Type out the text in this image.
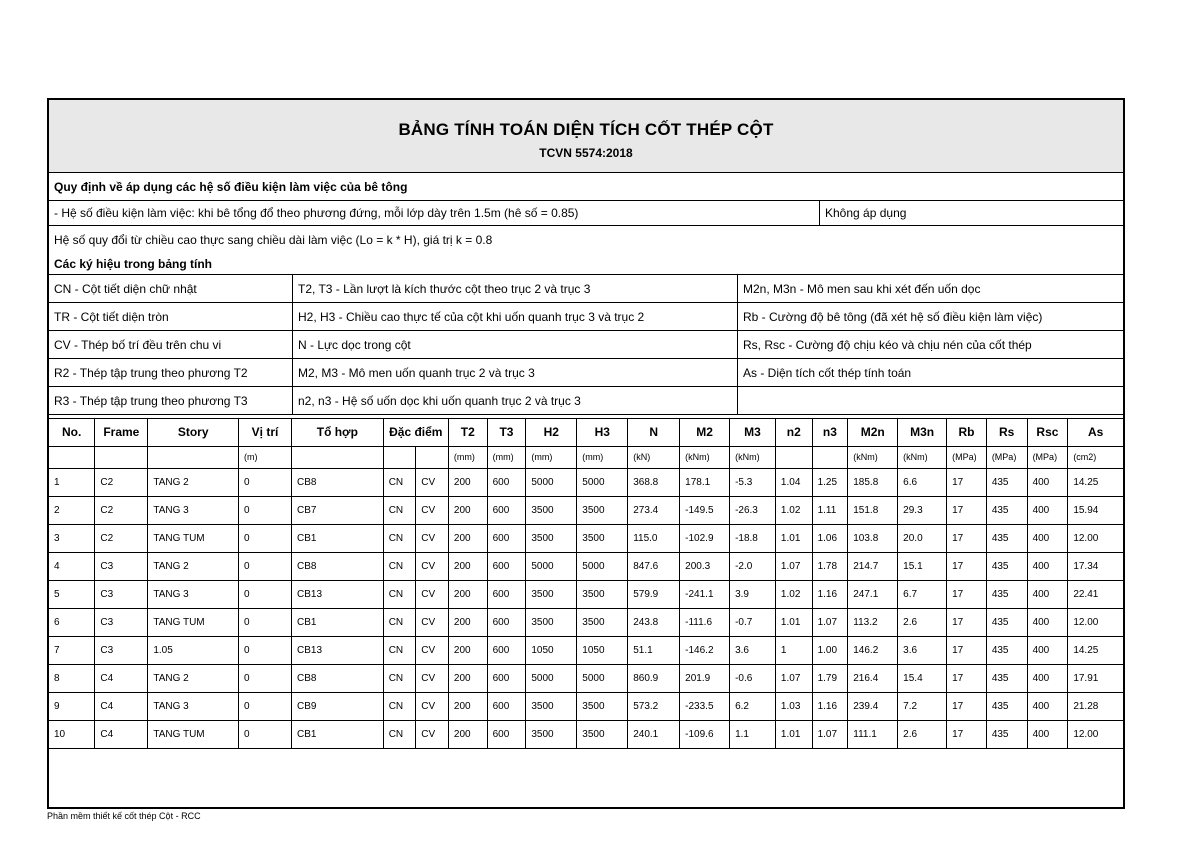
BẢNG TÍNH TOÁN DIỆN TÍCH CỐT THÉP CỘT
TCVN 5574:2018
Quy định về áp dụng các hệ số điều kiện làm việc của bê tông
- Hệ số điều kiện làm việc: khi bê tổng đổ theo phương đứng, mỗi lớp dày trên 1.5m (hê số = 0.85)	Không áp dụng
Hệ số quy đổi từ chiều cao thực sang chiều dài làm việc (Lo = k * H), giá trị k = 0.8
Các ký hiệu trong bảng tính
CN - Cột tiết diện chữ nhật	T2, T3 - Lần lượt là kích thước cột theo trục 2 và trục 3	M2n, M3n - Mô men sau khi xét đến uốn dọc
TR - Cột tiết diện tròn	H2, H3 - Chiều cao thực tế của cột khi uốn quanh trục 3 và trục 2	Rb - Cường độ bê tông (đã xét hệ số điều kiện làm việc)
CV - Thép bố trí đều trên chu vi	N - Lực dọc trong cột	Rs, Rsc - Cường độ chịu kéo và chịu nén của cốt thép
R2 - Thép tập trung theo phương T2	M2, M3 - Mô men uốn quanh trục 2 và trục 3	As - Diện tích cốt thép tính toán
R3 - Thép tập trung theo phương T3	n2, n3 - Hệ số uốn dọc khi uốn quanh trục 2 và trục 3
No.	Frame	Story	Vị trí	Tổ hợp	Đặc điểm		T2	T3	H2	H3	N	M2	M3	n2	n3	M2n	M3n	Rb	Rs	Rsc	As
			(m)				(mm)	(mm)	(mm)	(mm)	(kN)	(kNm)	(kNm)			(kNm)	(kNm)	(MPa)	(MPa)	(MPa)	(cm2)
1	C2	TANG 2	0	CB8	CN	CV	200	600	5000	5000	368.8	178.1	-5.3	1.04	1.25	185.8	6.6	17	435	400	14.25
2	C2	TANG 3	0	CB7	CN	CV	200	600	3500	3500	273.4	-149.5	-26.3	1.02	1.11	151.8	29.3	17	435	400	15.94
3	C2	TANG TUM	0	CB1	CN	CV	200	600	3500	3500	115.0	-102.9	-18.8	1.01	1.06	103.8	20.0	17	435	400	12.00
4	C3	TANG 2	0	CB8	CN	CV	200	600	5000	5000	847.6	200.3	-2.0	1.07	1.78	214.7	15.1	17	435	400	17.34
5	C3	TANG 3	0	CB13	CN	CV	200	600	3500	3500	579.9	-241.1	3.9	1.02	1.16	247.1	6.7	17	435	400	22.41
6	C3	TANG TUM	0	CB1	CN	CV	200	600	3500	3500	243.8	-111.6	-0.7	1.01	1.07	113.2	2.6	17	435	400	12.00
7	C3	1.05	0	CB13	CN	CV	200	600	1050	1050	51.1	-146.2	3.6	1	1.00	146.2	3.6	17	435	400	14.25
8	C4	TANG 2	0	CB8	CN	CV	200	600	5000	5000	860.9	201.9	-0.6	1.07	1.79	216.4	15.4	17	435	400	17.91
9	C4	TANG 3	0	CB9	CN	CV	200	600	3500	3500	573.2	-233.5	6.2	1.03	1.16	239.4	7.2	17	435	400	21.28
10	C4	TANG TUM	0	CB1	CN	CV	200	600	3500	3500	240.1	-109.6	1.1	1.01	1.07	111.1	2.6	17	435	400	12.00

Phần mềm thiết kế cốt thép Cột - RCC
